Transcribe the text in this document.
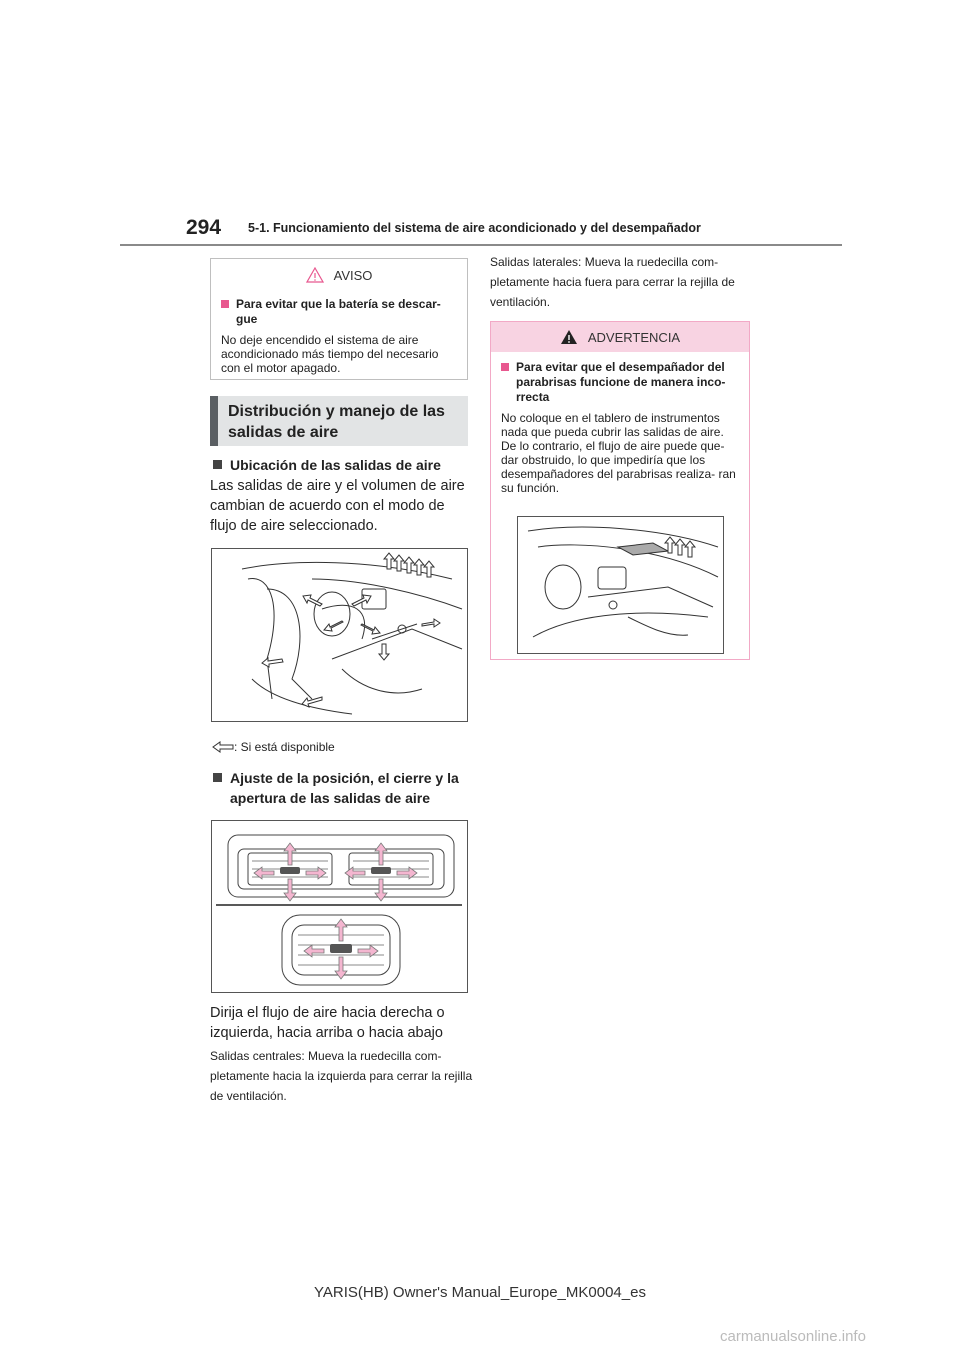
294 5-1. Funcionamiento del sistema de aire acondicionado y del desempañador
AVISO
Para evitar que la batería se descar- gue
No deje encendido el sistema de aire acondicionado más tiempo del necesario con el motor apagado.
Distribución y manejo de las
salidas de aire
Ubicación de las salidas de aire
Las salidas de aire y el volumen de aire cambian de acuerdo con el modo de flujo de aire seleccionado.
: Si está disponible
Ajuste de la posición, el cierre y la apertura de las salidas de aire
Dirija el flujo de aire hacia derecha o izquierda, hacia arriba o hacia abajo
Salidas centrales: Mueva la ruedecilla com- pletamente hacia la izquierda para cerrar la rejilla de ventilación.
Salidas laterales: Mueva la ruedecilla com- pletamente hacia fuera para cerrar la rejilla de ventilación.
ADVERTENCIA
Para evitar que el desempañador del parabrisas funcione de manera inco- rrecta
No coloque en el tablero de instrumentos nada que pueda cubrir las salidas de aire. De lo contrario, el flujo de aire puede que- dar obstruido, lo que impediría que los desempañadores del parabrisas realiza- ran su función.
YARIS(HB) Owner's Manual_Europe_MK0004_es
carmanualsonline.info
